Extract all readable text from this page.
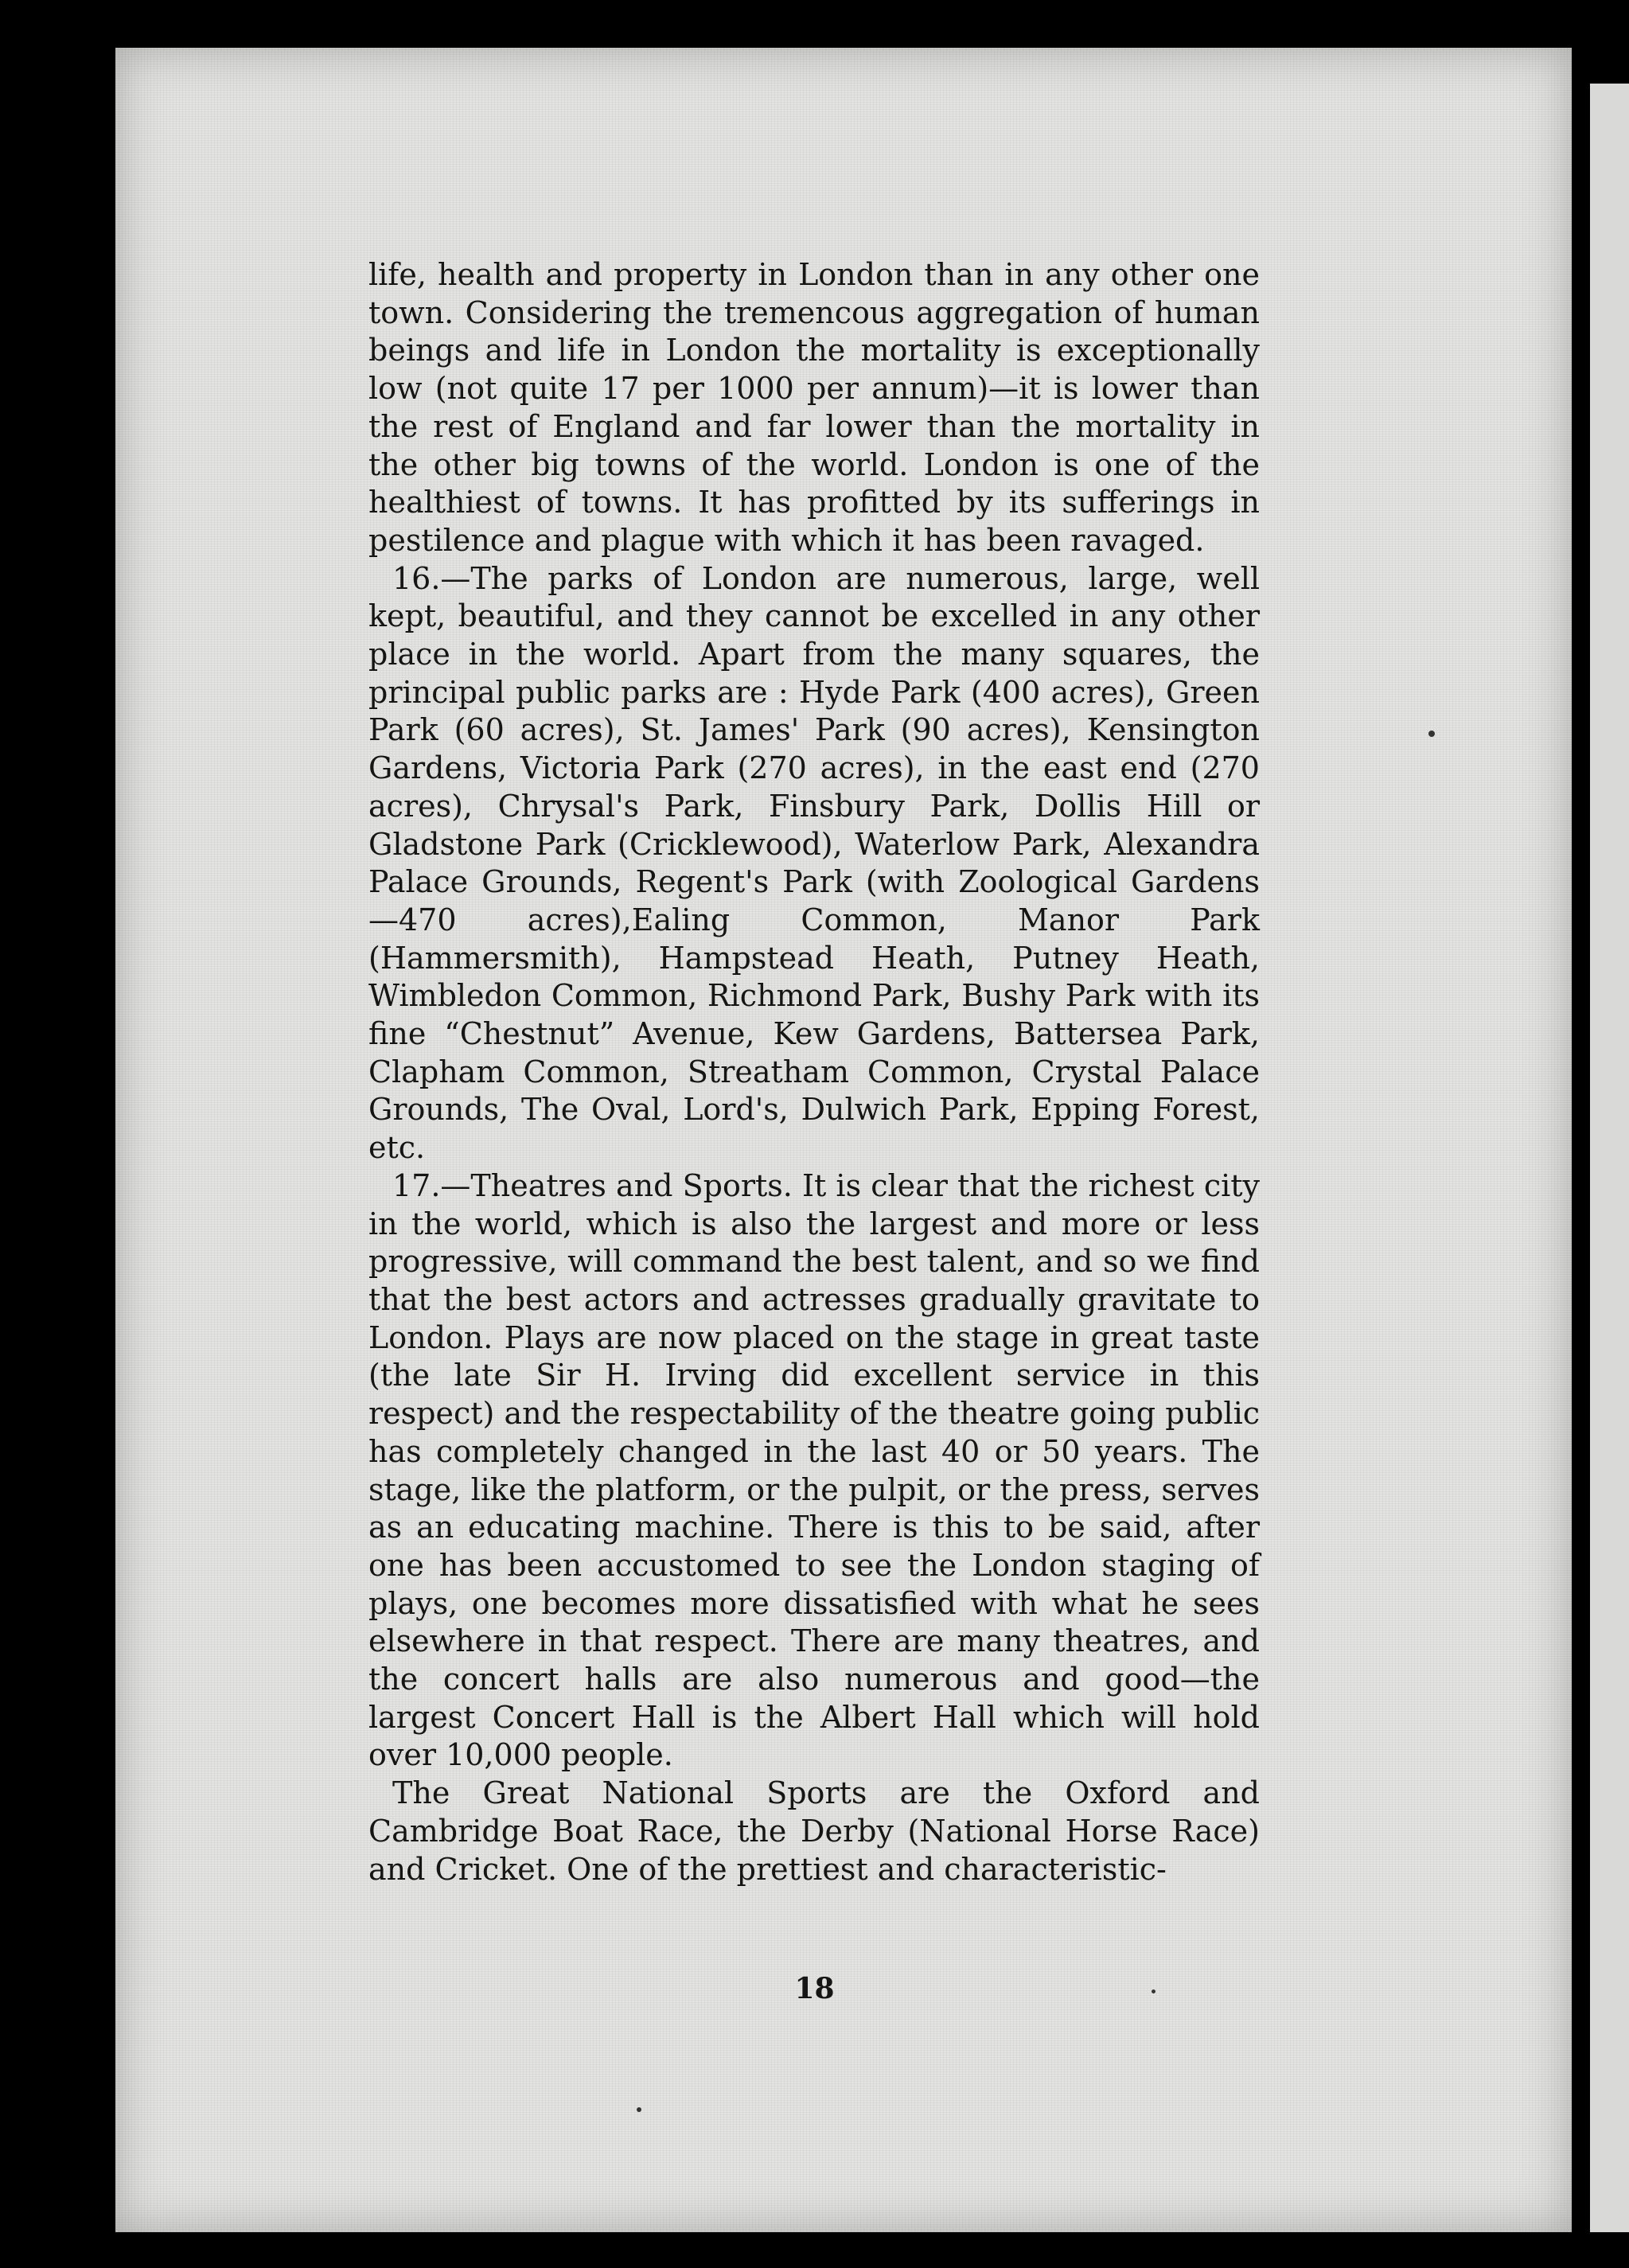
life, health and property in London than in any other one town. Considering the tremencous aggregation of human beings and life in London the mortality is exceptionally low (not quite 17 per 1000 per annum)—it is lower than the rest of England and far lower than the mortality in the other big towns of the world. London is one of the healthiest of towns. It has profitted by its sufferings in pestilence and plague with which it has been ravaged.

16.—The parks of London are numerous, large, well kept, beautiful, and they cannot be excelled in any other place in the world. Apart from the many squares, the principal public parks are : Hyde Park (400 acres), Green Park (60 acres), St. James' Park (90 acres), Kensington Gardens, Victoria Park (270 acres), in the east end (270 acres), Chrysal's Park, Finsbury Park, Dollis Hill or Gladstone Park (Cricklewood), Waterlow Park, Alexandra Palace Grounds, Regent's Park (with Zoological Gardens—470 acres),Ealing Common, Manor Park (Hammersmith), Hampstead Heath, Putney Heath, Wimbledon Common, Richmond Park, Bushy Park with its fine “Chestnut” Avenue, Kew Gardens, Battersea Park, Clapham Common, Streatham Common, Crystal Palace Grounds, The Oval, Lord's, Dulwich Park, Epping Forest, etc.

17.—Theatres and Sports. It is clear that the richest city in the world, which is also the largest and more or less progressive, will command the best talent, and so we find that the best actors and actresses gradually gravitate to London. Plays are now placed on the stage in great taste (the late Sir H. Irving did excellent service in this respect) and the respectability of the theatre going public has completely changed in the last 40 or 50 years. The stage, like the platform, or the pulpit, or the press, serves as an educating machine. There is this to be said, after one has been accustomed to see the London staging of plays, one becomes more dissatisfied with what he sees elsewhere in that respect. There are many theatres, and the concert halls are also numerous and good—the largest Concert Hall is the Albert Hall which will hold over 10,000 people.

The Great National Sports are the Oxford and Cambridge Boat Race, the Derby (National Horse Race) and Cricket. One of the prettiest and characteristic-

18
